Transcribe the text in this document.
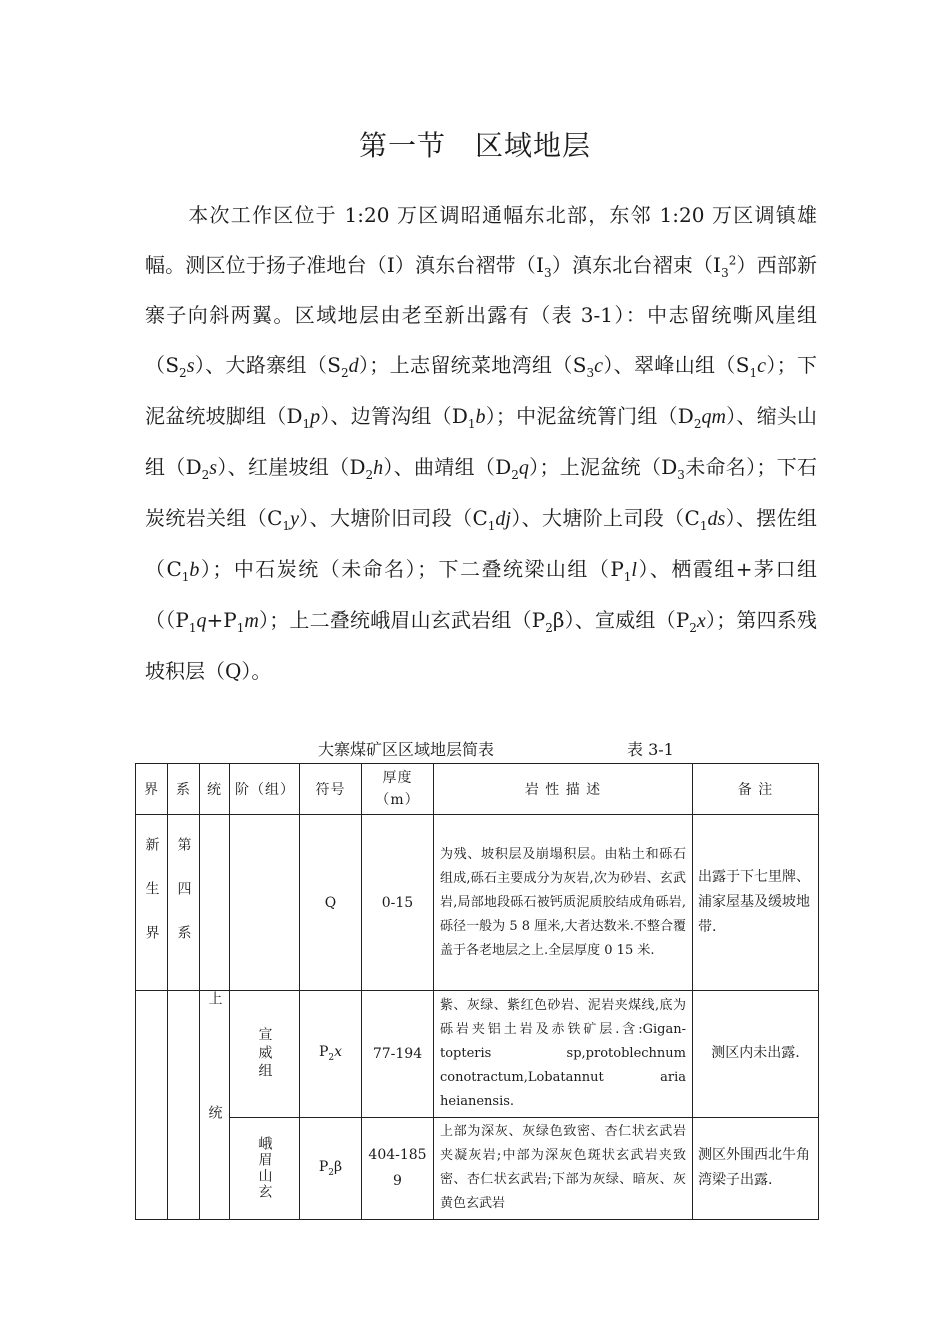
第一节　区域地层

本次工作区位于 1:20 万区调昭通幅东北部，东邻 1:20 万区调镇雄幅。测区位于扬子准地台（Ⅰ）滇东台褶带$(Ⅰ_3)$滇东北台褶束$(Ⅰ_3^2)$西部新寨子向斜两翼。区域地层由老至新出露有（表 3-1）：中志留统嘶风崖组$(S_2s)$、大路寨组$(S_2d)$；上志留统菜地湾组$(S_3c)$、翠峰山组$(S_1c)$；下泥盆统坡脚组$(D_1p)$、边箐沟组$(D_1b)$；中泥盆统箐门组$(D_2qm)$、缩头山组$(D_2s)$、红崖坡组$(D_2h)$、曲靖组$(D_2q)$；上泥盆统（$D_3$未命名）；下石炭统岩关组$(C_1y)$、大塘阶旧司段$(C_1dj)$、大塘阶上司段$(C_1ds)$、摆佐组$(C_1b)$；中石炭统（未命名）；下二叠统梁山组$(P_1l)$、栖霞组+茅口组（$(P_1q+P_1m)$；上二叠统峨眉山玄武岩组$(P_2\beta)$、宣威组$(P_2x)$；第四系残坡积层（Q）。

大寨煤矿区区域地层简表	表 3-1
界	系	统	阶（组）	符号	厚度（m）	岩 性 描 述	备 注

新生界	第四系			Q	0-15	为残、坡积层及崩塌积层。由粘土和砾石组成,砾石主要成分为灰岩,次为砂岩、玄武岩,局部地段砾石被钙质泥质胶结成角砾岩,砾径一般为 5 8 厘米,大者达数米.不整合覆盖于各老地层之上.全层厚度 0 15 米.	出露于下七里牌、浦家屋基及缓坡地带.

		上统	宣威组	$P_2x$	77-194	紫、灰绿、紫红色砂岩、泥岩夹煤线,底为砾岩夹铝土岩及赤铁矿层.含:Gigan-topteris sp,protoblechnum conotractum,Lobatannut aria heianensis.	测区内未出露.

			峨眉山玄	$P_2\beta$	404-1859	上部为深灰、灰绿色致密、杏仁状玄武岩夹凝灰岩;中部为深灰色斑状玄武岩夹致密、杏仁状玄武岩;下部为灰绿、暗灰、灰黄色玄武岩	测区外围西北牛角湾梁子出露.
